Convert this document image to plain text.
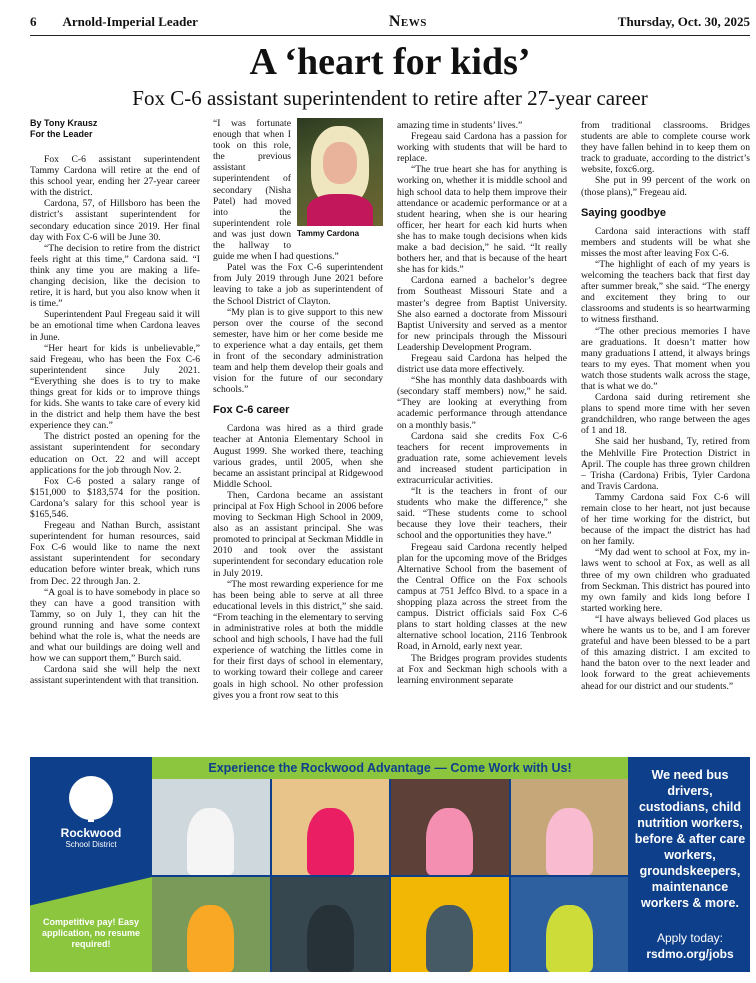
6 Arnold-Imperial Leader	News	Thursday, Oct. 30, 2025
A ‘heart for kids’
Fox C-6 assistant superintendent to retire after 27-year career

By Tony Krausz
For the Leader

Fox C-6 assistant superintendent Tammy Cardona will retire at the end of this school year, ending her 27-year career with the district.

Cardona, 57, of Hillsboro has been the district’s assistant superintendent for secondary education since 2019. Her final day with Fox C-6 will be June 30.

“The decision to retire from the district feels right at this time,” Cardona said. “I think any time you are making a life-changing decision, like the decision to retire, it is hard, but you also know when it is time.”

Superintendent Paul Fregeau said it will be an emotional time when Cardona leaves in June.

“Her heart for kids is unbelievable,” said Fregeau, who has been the Fox C-6 superintendent since July 2021. “Everything she does is to try to make things great for kids or to improve things for kids. She wants to take care of every kid in the district and help them have the best experience they can.”

The district posted an opening for the assistant superintendent for secondary education on Oct. 22 and will accept applications for the job through Nov. 2.

Fox C-6 posted a salary range of $151,000 to $183,574 for the position. Cardona’s salary for this school year is $165,546.

Fregeau and Nathan Burch, assistant superintendent for human resources, said Fox C-6 would like to name the next assistant superintendent for secondary education before winter break, which runs from Dec. 22 through Jan. 2.

“A goal is to have somebody in place so they can have a good transition with Tammy, so on July 1, they can hit the ground running and have some context behind what the role is, what the needs are and what our buildings are doing well and how we can support them,” Burch said.

Cardona said she will help the next assistant superintendent with that transition.

Tammy Cardona

“I was fortunate enough that when I took on this role, the previous assistant superintendent of secondary (Nisha Patel) had moved into the superintendent role and was just down the hallway to guide me when I had questions.”

Patel was the Fox C-6 superintendent from July 2019 through June 2021 before leaving to take a job as superintendent of the School District of Clayton.

“My plan is to give support to this new person over the course of the second semester, have him or her come beside me to experience what a day entails, get them in front of the secondary administration team and help them develop their goals and vision for the future of our secondary schools.”

Fox C-6 career

Cardona was hired as a third grade teacher at Antonia Elementary School in August 1999. She worked there, teaching various grades, until 2005, when she became an assistant principal at Ridgewood Middle School.

Then, Cardona became an assistant principal at Fox High School in 2006 before moving to Seckman High School in 2009, also as an assistant principal. She was promoted to principal at Seckman Middle in 2010 and took over the assistant superintendent for secondary education role in July 2019.

“The most rewarding experience for me has been being able to serve at all three educational levels in this district,” she said. “From teaching in the elementary to serving in administrative roles at both the middle school and high schools, I have had the full experience of watching the littles come in for their first days of school in elementary, to working toward their college and career goals in high school. No other profession gives you a front row seat to this

amazing time in students’ lives.”

Fregeau said Cardona has a passion for working with students that will be hard to replace.

“The true heart she has for anything is working on, whether it is middle school and high school data to help them improve their attendance or academic performance or at a student hearing, when she is our hearing officer, her heart for each kid hurts when she has to make tough decisions when kids make a bad decision,” he said. “It really bothers her, and that is because of the heart she has for kids.”

Cardona earned a bachelor’s degree from Southeast Missouri State and a master’s degree from Baptist University. She also earned a doctorate from Missouri Baptist University and served as a mentor for new principals through the Missouri Leadership Development Program.

Fregeau said Cardona has helped the district use data more effectively.

“She has monthly data dashboards with (secondary staff members) now,” he said. “They are looking at everything from academic performance through attendance on a monthly basis.”

Cardona said she credits Fox C-6 teachers for recent improvements in graduation rate, some achievement levels and increased student participation in extracurricular activities.

“It is the teachers in front of our students who make the difference,” she said. “These students come to school because they love their teachers, their school and the opportunities they have.”

Fregeau said Cardona recently helped plan for the upcoming move of the Bridges Alternative School from the basement of the Central Office on the Fox schools campus at 751 Jeffco Blvd. to a space in a shopping plaza across the street from the campus. District officials said Fox C-6 plans to start holding classes at the new alternative school location, 2116 Tenbrook Road, in Arnold, early next year.

The Bridges program provides students at Fox and Seckman high schools with a learning environment separate

from traditional classrooms. Bridges students are able to complete course work they have fallen behind in to keep them on track to graduate, according to the district’s website, foxc6.org.

She put in 99 percent of the work on (those plans),” Fregeau aid.

Saying goodbye

Cardona said interactions with staff members and students will be what she misses the most after leaving Fox C-6.

“The highlight of each of my years is welcoming the teachers back that first day after summer break,” she said. “The energy and excitement they bring to our classrooms and students is so heartwarming to witness firsthand.

“The other precious memories I have are graduations. It doesn’t matter how many graduations I attend, it always brings tears to my eyes. That moment when you watch those students walk across the stage, that is what we do.”

Cardona said during retirement she plans to spend more time with her seven grandchildren, who range between the ages of 1 and 18.

She said her husband, Ty, retired from the Mehlville Fire Protection District in April. The couple has three grown children – Trisha (Cardona) Fribis, Tyler Cardona and Travis Cardona.

Tammy Cardona said Fox C-6 will remain close to her heart, not just because of her time working for the district, but because of the impact the district has had on her family.

“My dad went to school at Fox, my in-laws went to school at Fox, as well as all three of my own children who graduated from Seckman. This district has poured into my own family and kids long before I started working here.

“I have always believed God places us where he wants us to be, and I am forever grateful and have been blessed to be a part of this amazing district. I am excited to hand the baton over to the next leader and look forward to the great achievements ahead for our district and our students.”

Rockwood
School District
Competitive pay! Easy application, no resume required!
Experience the Rockwood Advantage — Come Work with Us!	We need bus drivers, custodians, child nutrition workers, before & after care workers, groundskeepers, maintenance workers & more.
Apply today:
rsdmo.org/jobs
